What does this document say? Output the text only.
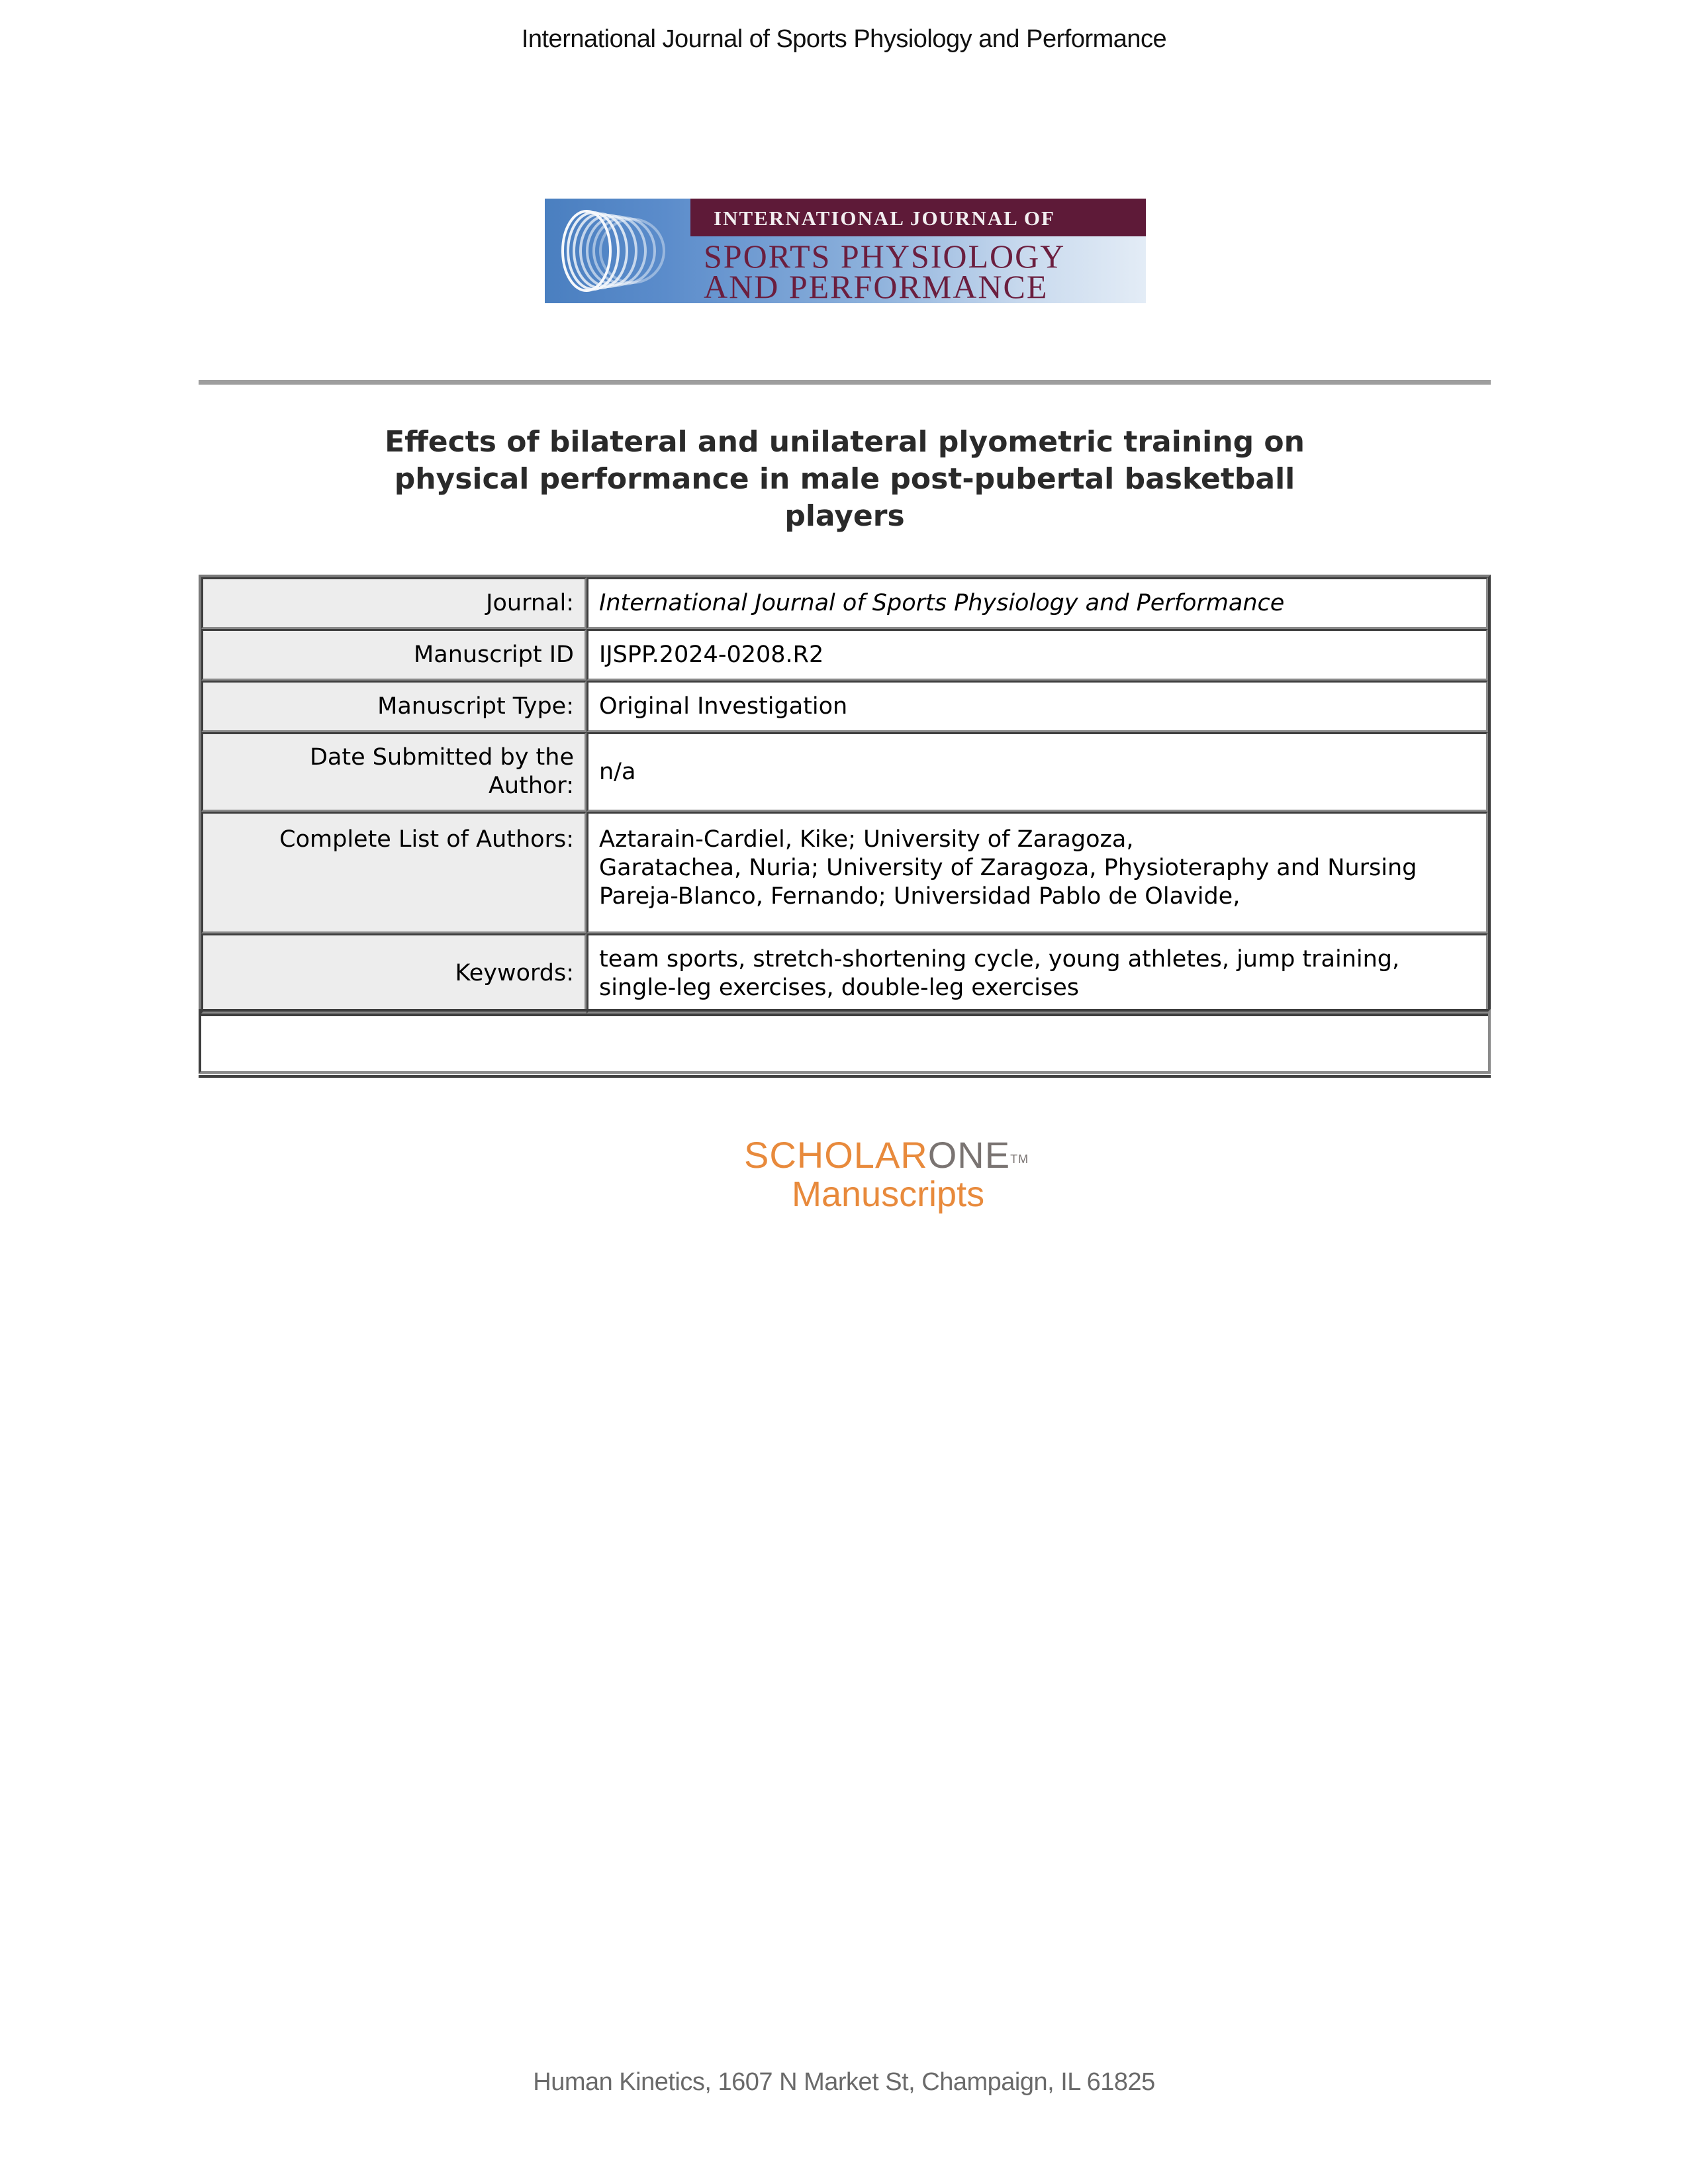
International Journal of Sports Physiology and Performance
INTERNATIONAL JOURNAL OF
SPORTS PHYSIOLOGY
AND PERFORMANCE
Effects of bilateral and unilateral plyometric training on
physical performance in male post-pubertal basketball
players
Journal:	International Journal of Sports Physiology and Performance
Manuscript ID	IJSPP.2024-0208.R2
Manuscript Type:	Original Investigation

Date Submitted by the
Author:	n/a
Complete List of Authors:	Aztarain-Cardiel, Kike; University of Zaragoza,
Garatachea, Nuria; University of Zaragoza, Physioteraphy and Nursing
Pareja-Blanco, Fernando; Universidad Pablo de Olavide,

Keywords:	team sports, stretch-shortening cycle, young athletes, jump training,
single-leg exercises, double-leg exercises
SCHOLARONE™
Manuscripts
Human Kinetics, 1607 N Market St, Champaign, IL 61825
